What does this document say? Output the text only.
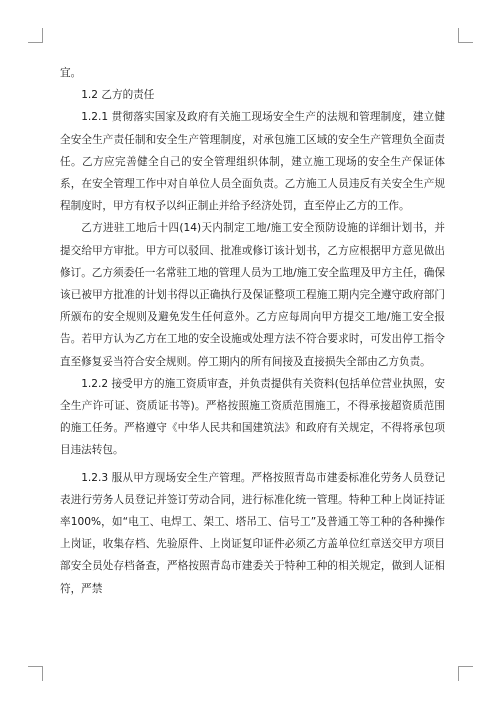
宜。

1.2 乙方的责任

1.2.1 贯彻落实国家及政府有关施工现场安全生产的法规和管理制度，建立健全安全生产责任制和安全生产管理制度，对承包施工区域的安全生产管理负全面责任。乙方应完善健全自己的安全管理组织体制，建立施工现场的安全生产保证体系，在安全管理工作中对自单位人员全面负责。乙方施工人员违反有关安全生产规程制度时，甲方有权予以纠正制止并给予经济处罚，直至停止乙方的工作。

乙方进驻工地后十四(14)天内制定工地/施工安全预防设施的详细计划书，并提交给甲方审批。甲方可以驳回、批准或修订该计划书，乙方应根据甲方意见做出修订。乙方须委任一名常驻工地的管理人员为工地/施工安全监理及甲方主任，确保该已被甲方批准的计划书得以正确执行及保证整项工程施工期内完全遵守政府部门所颁布的安全规则及避免发生任何意外。乙方应每周向甲方提交工地/施工安全报告。若甲方认为乙方在工地的安全设施或处理方法不符合要求时，可发出停工指令直至修复妥当符合安全规则。停工期内的所有间接及直接损失全部由乙方负责。

1.2.2 接受甲方的施工资质审查，并负责提供有关资料(包括单位营业执照，安全生产许可证、资质证书等)。严格按照施工资质范围施工，不得承接超资质范围的施工任务。严格遵守《中华人民共和国建筑法》和政府有关规定，不得将承包项目违法转包。

1.2.3 服从甲方现场安全生产管理。严格按照青岛市建委标准化劳务人员登记表进行劳务人员登记并签订劳动合同，进行标准化统一管理。特种工种上岗证持证率100%，如“电工、电焊工、架工、塔吊工、信号工”及普通工等工种的各种操作上岗证，收集存档、先验原件、上岗证复印证件必须乙方盖单位红章送交甲方项目部安全员处存档备查，严格按照青岛市建委关于特种工种的相关规定，做到人证相符，严禁
